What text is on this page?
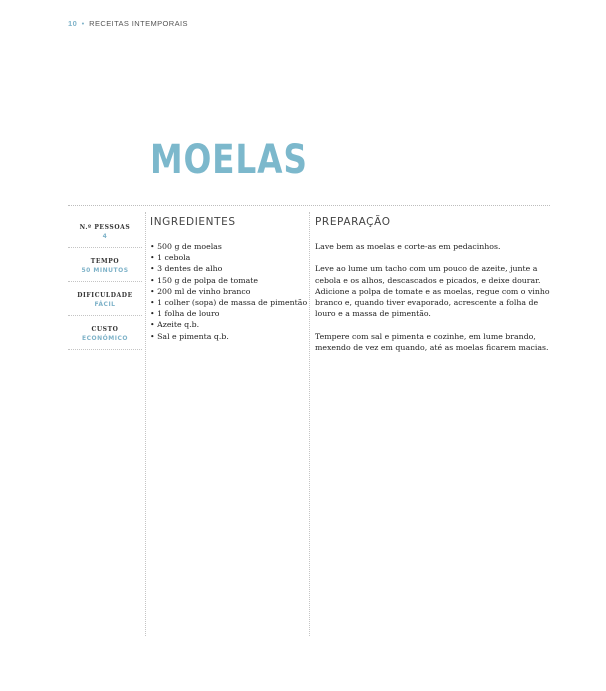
10 • RECEITAS INTEMPORAIS
MOELAS
N.º PESSOAS
4
TEMPO
50 MINUTOS
DIFICULDADE
FÁCIL
CUSTO
ECONÓMICO
INGREDIENTES	PREPARAÇÃO
• 500 g de moelas
• 1 cebola
• 3 dentes de alho
• 150 g de polpa de tomate
• 200 ml de vinho branco
• 1 colher (sopa) de massa de pimentão
• 1 folha de louro
• Azeite q.b.
• Sal e pimenta q.b.

Lave bem as moelas e corte-as em pedacinhos.

Leve ao lume um tacho com um pouco de azeite, junte a cebola e os alhos, descascados e picados, e deixe dourar. Adicione a polpa de tomate e as moelas, regue com o vinho branco e, quando tiver evaporado, acrescente a folha de louro e a massa de pimentão.

Tempere com sal e pimenta e cozinhe, em lume brando, mexendo de vez em quando, até as moelas ficarem macias.
